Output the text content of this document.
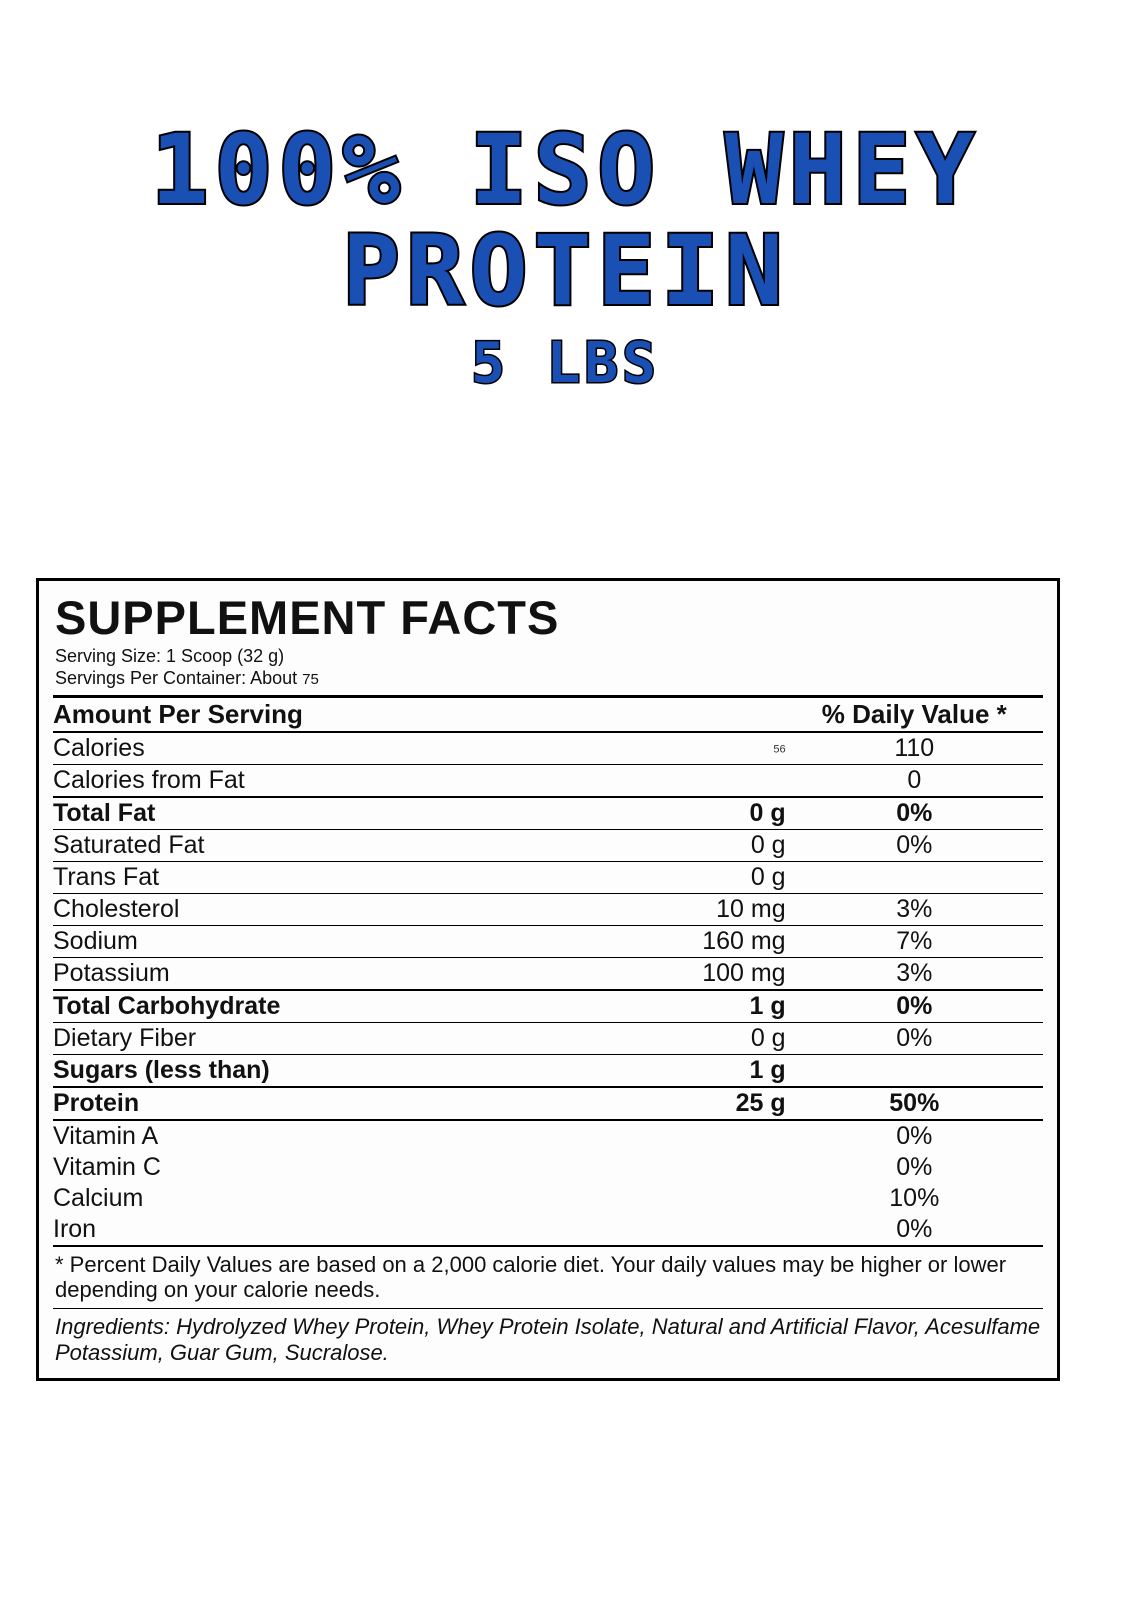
100% ISO WHEY
PROTEIN
5 LBS
SUPPLEMENT FACTS
Serving Size: 1 Scoop (32 g)
Servings Per Container: About 75
Amount Per Serving		% Daily Value *
Calories	56	110
Calories from Fat		0
Total Fat	0 g	0%
Saturated Fat	0 g	0%
Trans Fat	0 g	
Cholesterol	10 mg	3%
Sodium	160 mg	7%
Potassium	100 mg	3%
Total Carbohydrate	1 g	0%
Dietary Fiber	0 g	0%
Sugars (less than)	1 g	
Protein	25 g	50%
Vitamin A		0%
Vitamin C		0%
Calcium		10%
Iron		0%
* Percent Daily Values are based on a 2,000 calorie diet. Your daily values may be higher or lower depending on your calorie needs.
Ingredients: Hydrolyzed Whey Protein, Whey Protein Isolate, Natural and Artificial Flavor, Acesulfame Potassium, Guar Gum, Sucralose.
